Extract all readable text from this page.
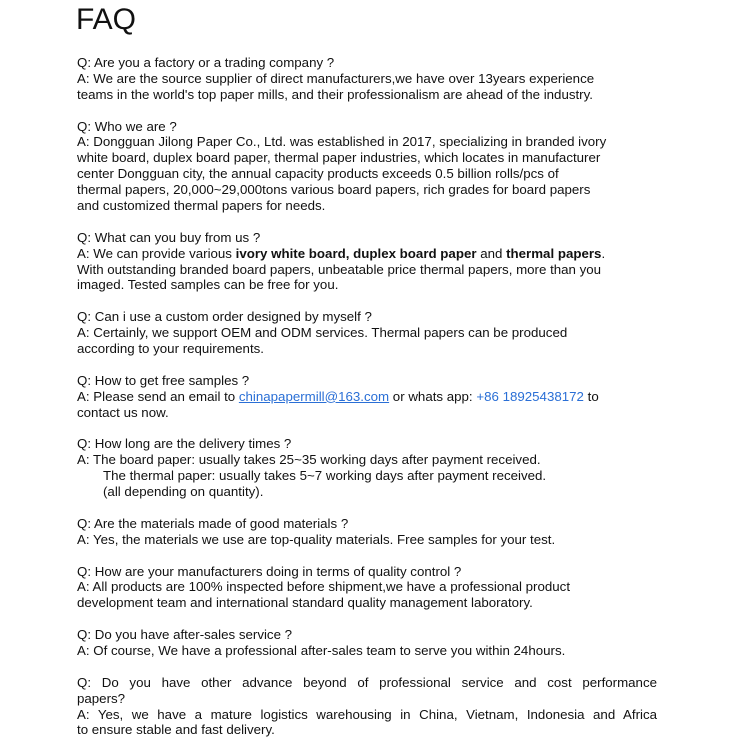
FAQ
Q: Are you a factory or a trading company ?
A: We are the source supplier of direct manufacturers,we have over 13years experience
teams in the world's top paper mills, and their professionalism are ahead of the industry.
Q: Who we are ?
A: Dongguan Jilong Paper Co., Ltd. was established in 2017, specializing in branded ivory
white board, duplex board paper, thermal paper industries, which locates in manufacturer
center Dongguan city, the annual capacity products exceeds 0.5 billion rolls/pcs of
thermal papers, 20,000~29,000tons various board papers, rich grades for board papers
and customized thermal papers for needs.
Q: What can you buy from us ?
A: We can provide various ivory white board, duplex board paper and thermal papers.
With outstanding branded board papers, unbeatable price thermal papers, more than you
imaged. Tested samples can be free for you.
Q: Can i use a custom order designed by myself ?
A: Certainly, we support OEM and ODM services. Thermal papers can be produced
according to your requirements.
Q: How to get free samples ?
A: Please send an email to chinapapermill@163.com or whats app: +86 18925438172 to
contact us now.
Q: How long are the delivery times ?
A: The board paper: usually takes 25~35 working days after payment received.
The thermal paper: usually takes 5~7 working days after payment received.
(all depending on quantity).
Q: Are the materials made of good materials ?
A: Yes, the materials we use are top-quality materials. Free samples for your test.
Q: How are your manufacturers doing in terms of quality control ?
A: All products are 100% inspected before shipment,we have a professional product
development team and international standard quality management laboratory.
Q: Do you have after-sales service ?
A: Of course, We have a professional after-sales team to serve you within 24hours.
Q: Do you have other advance beyond of professional service and cost performance
papers?
A: Yes, we have a mature logistics warehousing in China, Vietnam, Indonesia and Africa
to ensure stable and fast delivery.
